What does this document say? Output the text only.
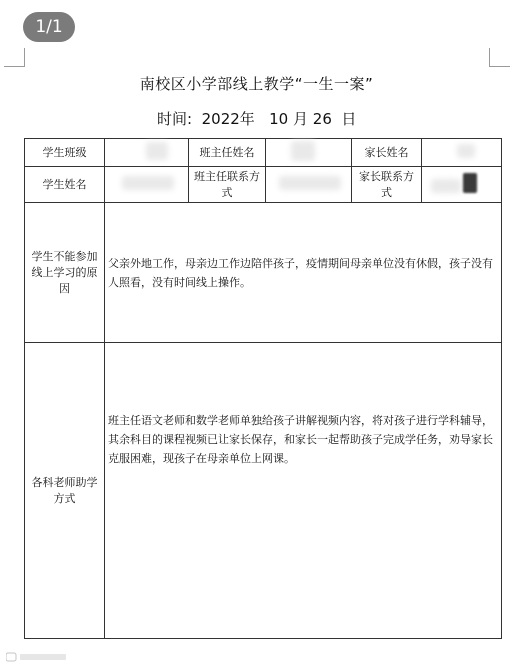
1/1
南校区小学部线上教学“一生一案”
时间: 2022年 10 月 26 日
学生班级		班主任姓名		家长姓名	
学生姓名		班主任联系方式		家长联系方式	
学生不能参加线上学习的原因	父亲外地工作，母亲边工作边陪伴孩子，疫情期间母亲单位没有休假，孩子没有人照看，没有时间线上操作。				
各科老师助学方式	班主任语文老师和数学老师单独给孩子讲解视频内容，将对孩子进行学科辅导，其余科目的课程视频已让家长保存，和家长一起帮助孩子完成学任务，劝导家长克服困难，现孩子在母亲单位上网课。				
